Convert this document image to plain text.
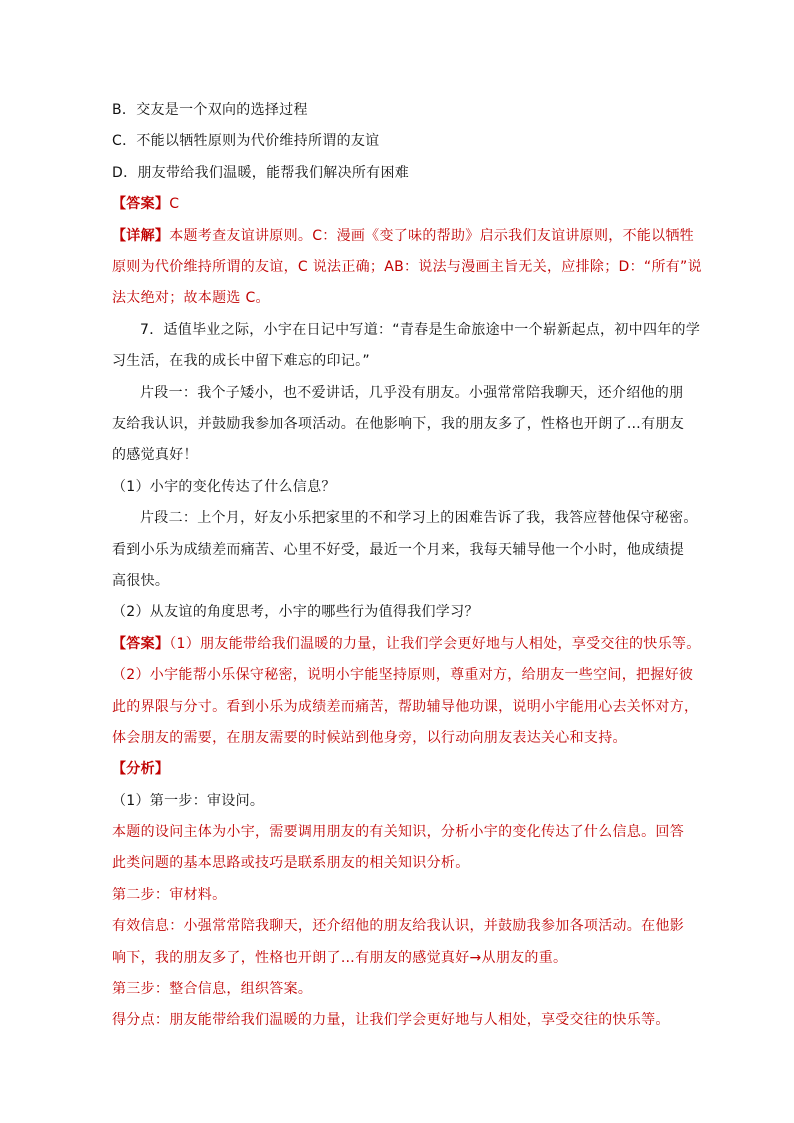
B．交友是一个双向的选择过程
C．不能以牺牲原则为代价维持所谓的友谊
D．朋友带给我们温暖，能帮我们解决所有困难
【答案】C
【详解】本题考查友谊讲原则。C：漫画《变了味的帮助》启示我们友谊讲原则，不能以牺牲
原则为代价维持所谓的友谊，C 说法正确；AB：说法与漫画主旨无关，应排除；D：“所有”说
法太绝对；故本题选 C。
7．适值毕业之际，小宇在日记中写道：“青春是生命旅途中一个崭新起点，初中四年的学
习生活，在我的成长中留下难忘的印记。”
片段一：我个子矮小，也不爱讲话，几乎没有朋友。小强常常陪我聊天，还介绍他的朋
友给我认识，并鼓励我参加各项活动。在他影响下，我的朋友多了，性格也开朗了…有朋友
的感觉真好！
（1）小宇的变化传达了什么信息？
片段二：上个月，好友小乐把家里的不和学习上的困难告诉了我，我答应替他保守秘密。
看到小乐为成绩差而痛苦、心里不好受，最近一个月来，我每天辅导他一个小时，他成绩提
高很快。
（2）从友谊的角度思考，小宇的哪些行为值得我们学习？
【答案】（1）朋友能带给我们温暖的力量，让我们学会更好地与人相处，享受交往的快乐等。
（2）小宇能帮小乐保守秘密，说明小宇能坚持原则，尊重对方，给朋友一些空间，把握好彼
此的界限与分寸。看到小乐为成绩差而痛苦，帮助辅导他功课，说明小宇能用心去关怀对方，
体会朋友的需要，在朋友需要的时候站到他身旁，以行动向朋友表达关心和支持。
【分析】
（1）第一步：审设问。
本题的设问主体为小宇，需要调用朋友的有关知识，分析小宇的变化传达了什么信息。回答
此类问题的基本思路或技巧是联系朋友的相关知识分析。
第二步：审材料。
有效信息：小强常常陪我聊天，还介绍他的朋友给我认识，并鼓励我参加各项活动。在他影
响下，我的朋友多了，性格也开朗了…有朋友的感觉真好→从朋友的重。
第三步：整合信息，组织答案。
得分点：朋友能带给我们温暖的力量，让我们学会更好地与人相处，享受交往的快乐等。
